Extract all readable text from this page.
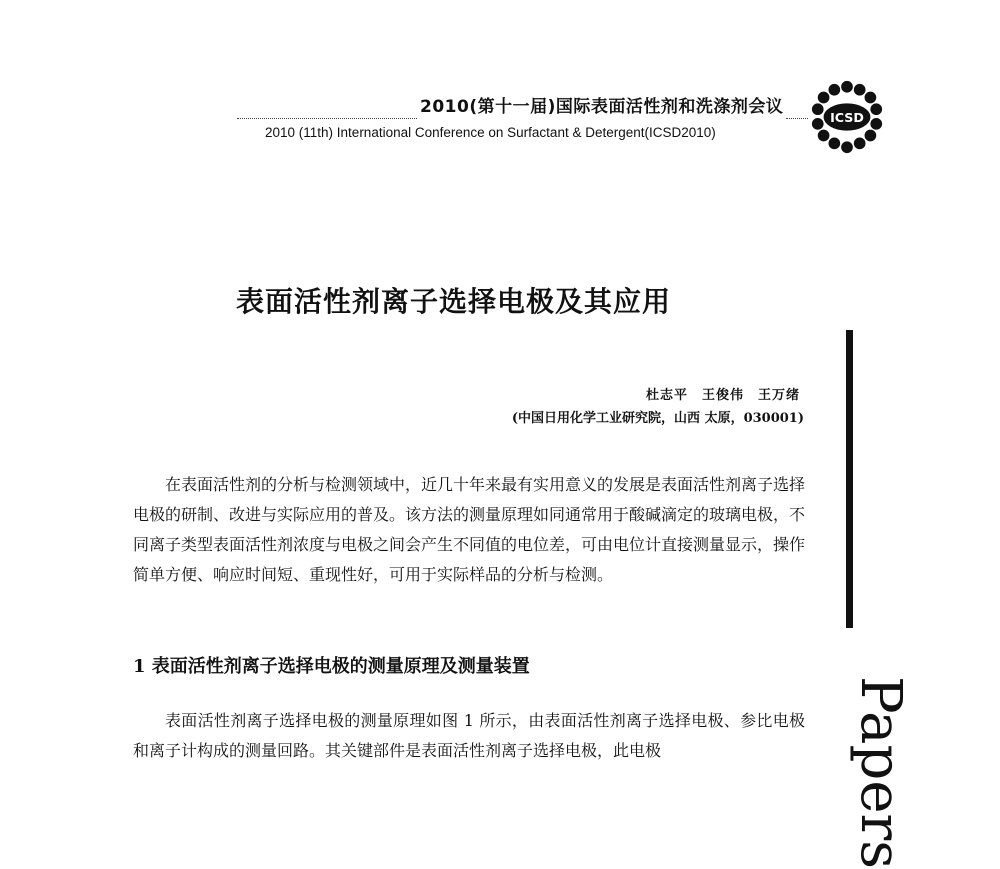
2010(第十一届)国际表面活性剂和洗涤剂会议
2010 (11th) International Conference on Surfactant & Detergent(ICSD2010)
ICSD
表面活性剂离子选择电极及其应用
Papers
杜志平　王俊伟　王万绪
(中国日用化学工业研究院，山西 太原，030001)
在表面活性剂的分析与检测领域中，近几十年来最有实用意义的发展是表面活性剂离子选择电极的研制、改进与实际应用的普及。该方法的测量原理如同通常用于酸碱滴定的玻璃电极，不同离子类型表面活性剂浓度与电极之间会产生不同值的电位差，可由电位计直接测量显示，操作简单方便、响应时间短、重现性好，可用于实际样品的分析与检测。
1 表面活性剂离子选择电极的测量原理及测量装置
表面活性剂离子选择电极的测量原理如图 1 所示，由表面活性剂离子选择电极、参比电极和离子计构成的测量回路。其关键部件是表面活性剂离子选择电极，此电极
